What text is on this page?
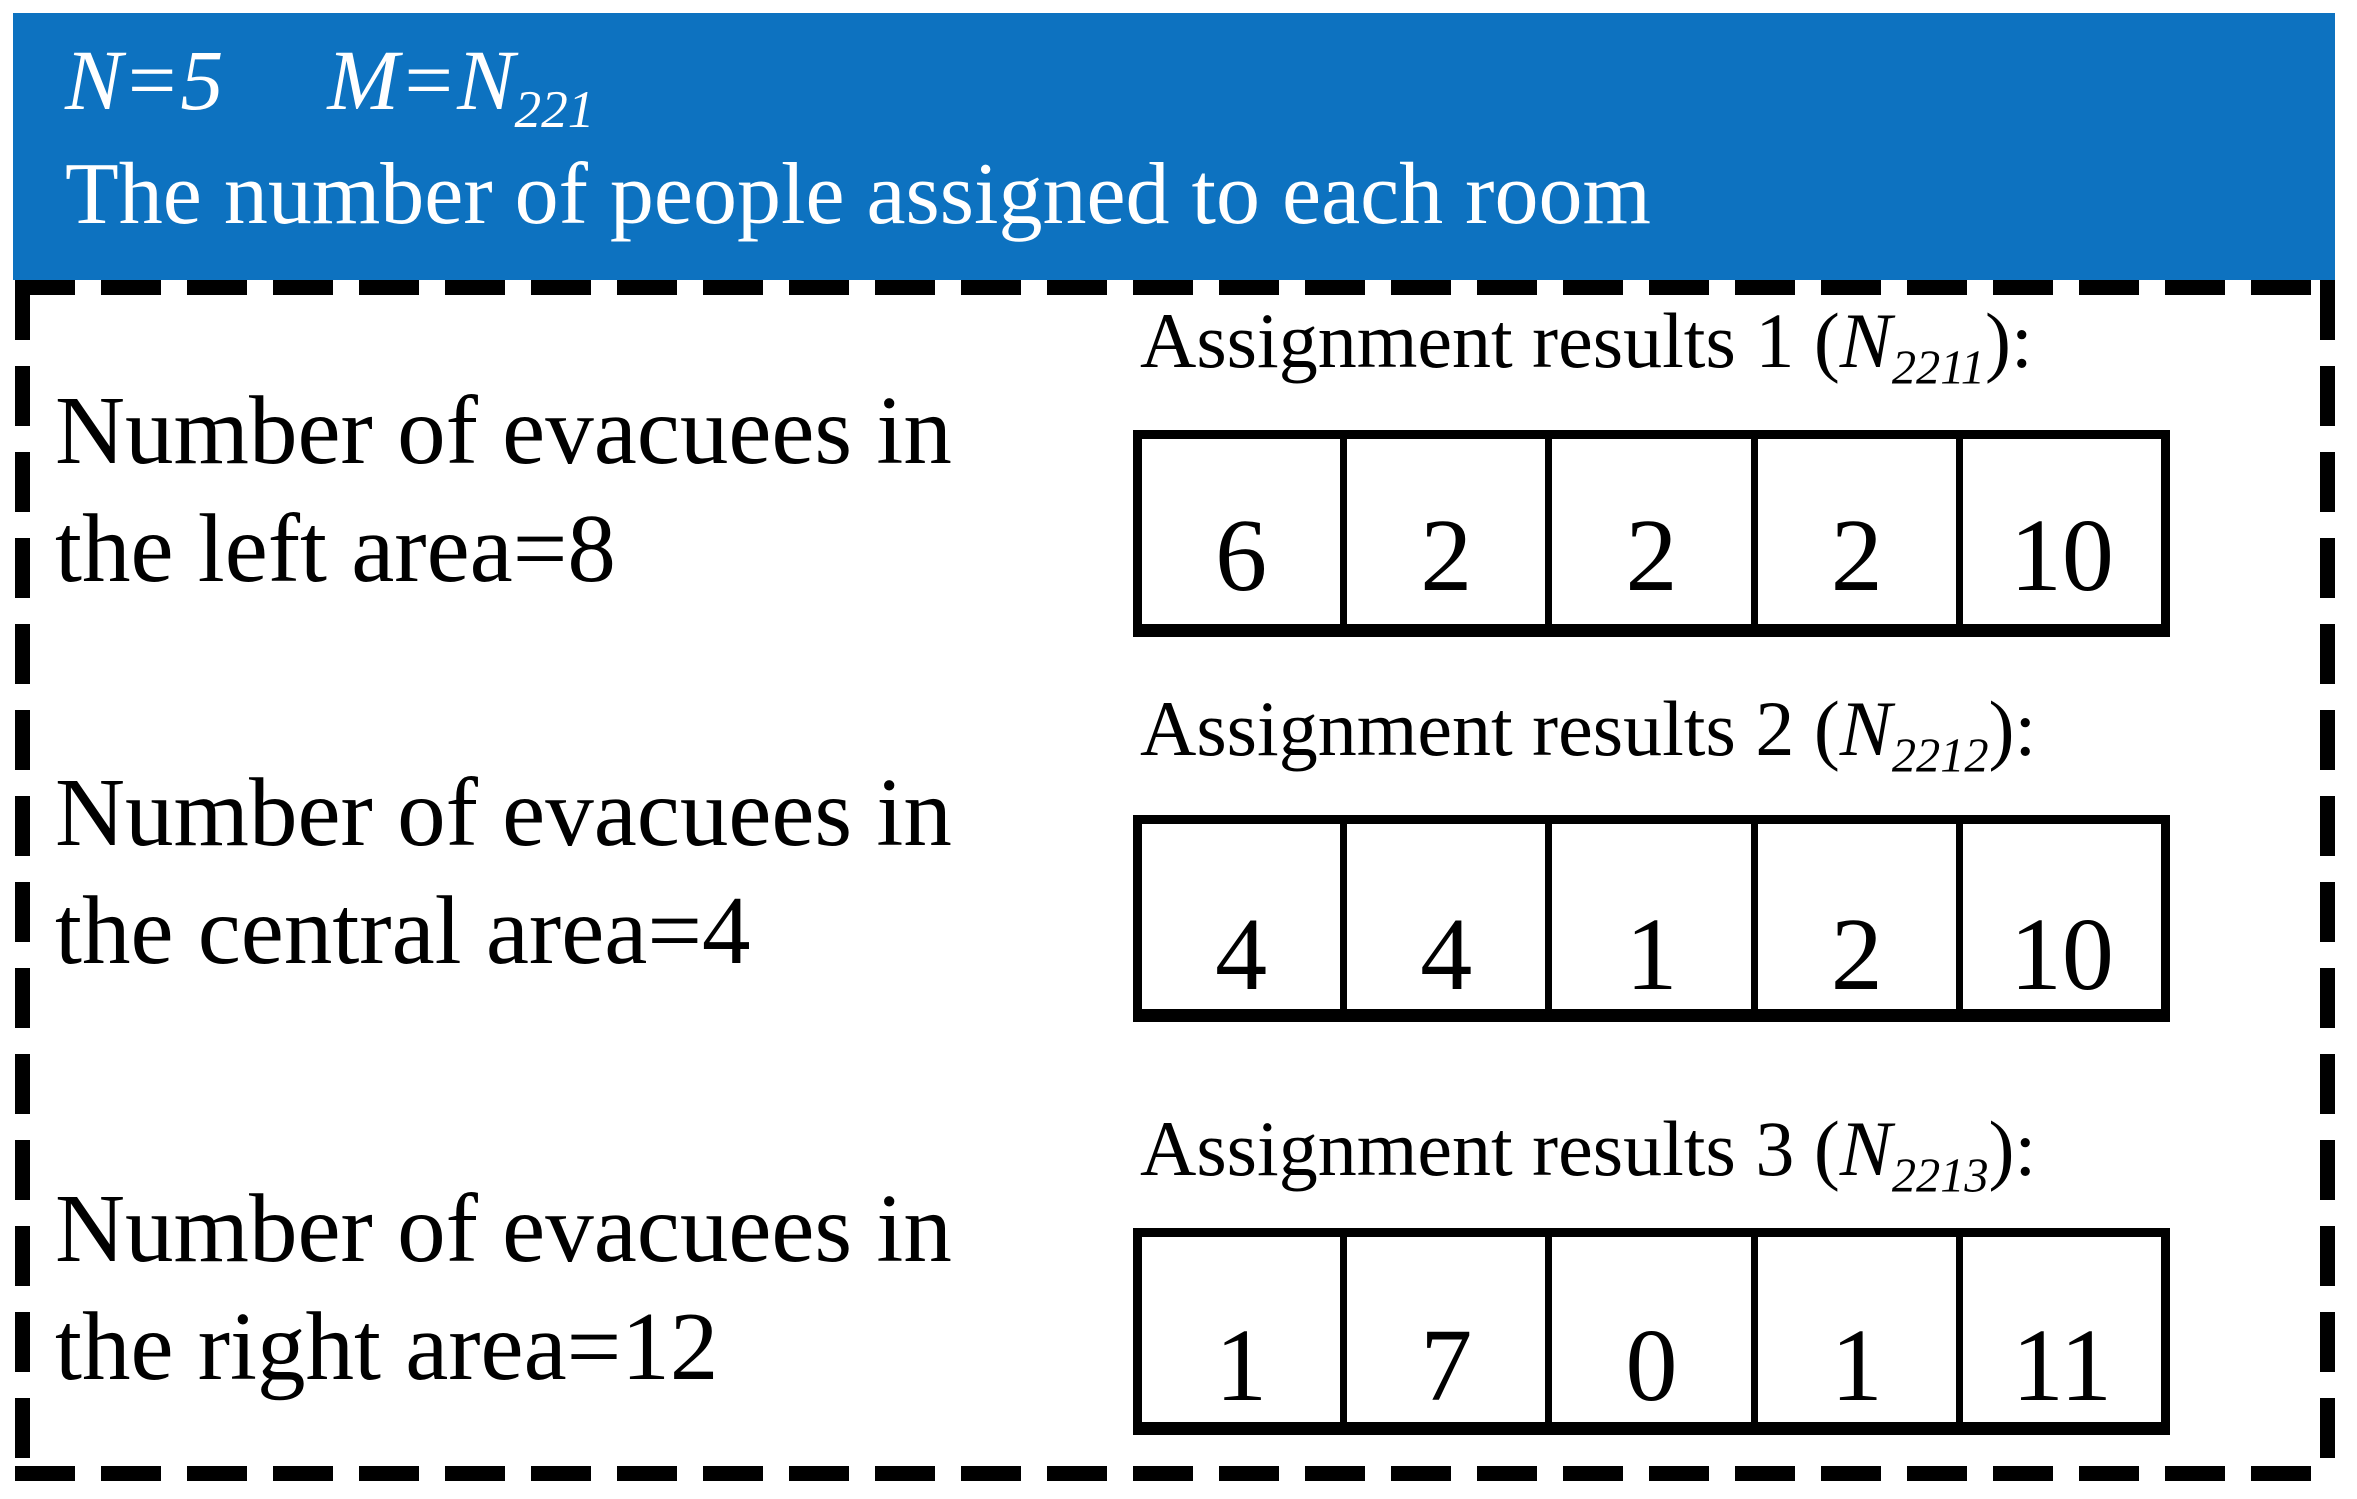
N=5 $M=N_{221}$
The number of people assigned to each room
Number of evacuees in
the left area=8
Number of evacuees in
the central area=4
Number of evacuees in
the right area=12
Assignment results 1 $(N_{2211})$:
6 2 2 2 10
Assignment results 2 $(N_{2212})$:
4 4 1 2 10
Assignment results 3 $(N_{2213})$:
1 7 0 1 11
